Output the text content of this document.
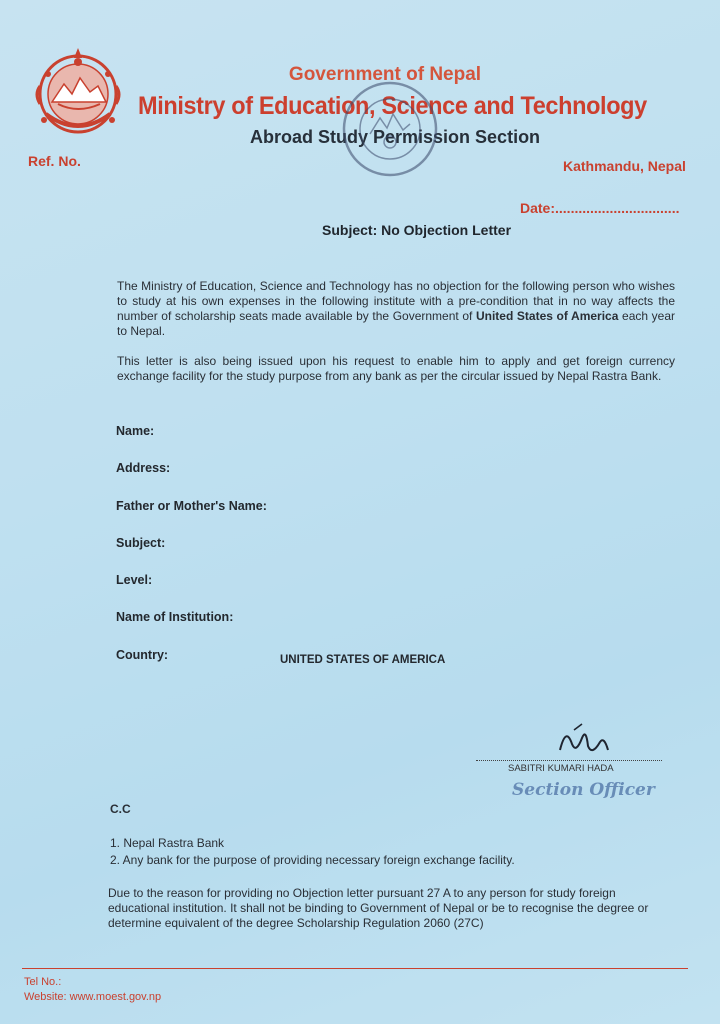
Government of Nepal
Ministry of Education, Science and Technology
Abroad Study Permission Section
Ref. No.	Kathmandu, Nepal
Date:................................
Subject: No Objection Letter
The Ministry of Education, Science and Technology has no objection for the following person who wishes to study at his own expenses in the following institute with a pre-condition that in no way affects the number of scholarship seats made available by the Government of United States of America each year to Nepal.
This letter is also being issued upon his request to enable him to apply and get foreign currency exchange facility for the study purpose from any bank as per the circular issued by Nepal Rastra Bank.
Name:
Address:
Father or Mother's Name:
Subject:
Level:
Name of Institution:
Country:	UNITED STATES OF AMERICA
SABITRI KUMARI HADA
Section Officer
C.C
1. Nepal Rastra Bank
2. Any bank for the purpose of providing necessary foreign exchange facility.
Due to the reason for providing no Objection letter pursuant 27 A to any person for study foreign educational institution. It shall not be binding to Government of Nepal or be to recognise the degree or determine equivalent of the degree Scholarship Regulation 2060 (27C)
Tel No.:
Website: www.moest.gov.np
